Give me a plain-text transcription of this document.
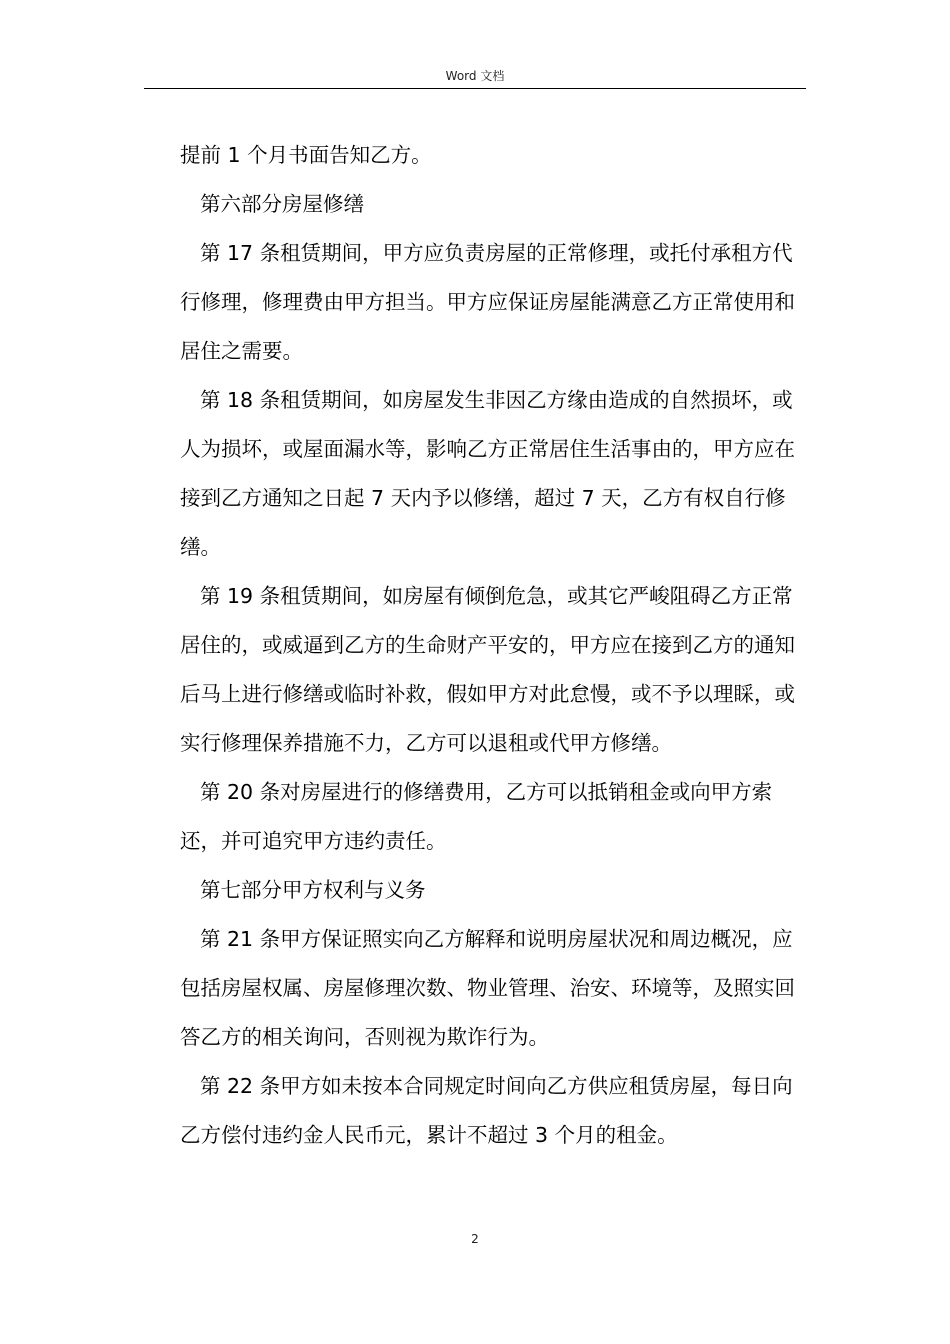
Word 文档

提前 1 个月书面告知乙方。

第六部分房屋修缮

第 17 条租赁期间，甲方应负责房屋的正常修理，或托付承租方代行修理，修理费由甲方担当。甲方应保证房屋能满意乙方正常使用和居住之需要。

第 18 条租赁期间，如房屋发生非因乙方缘由造成的自然损坏，或人为损坏，或屋面漏水等，影响乙方正常居住生活事由的，甲方应在接到乙方通知之日起 7 天内予以修缮，超过 7 天，乙方有权自行修缮。

第 19 条租赁期间，如房屋有倾倒危急，或其它严峻阻碍乙方正常居住的，或威逼到乙方的生命财产平安的，甲方应在接到乙方的通知后马上进行修缮或临时补救，假如甲方对此怠慢，或不予以理睬，或实行修理保养措施不力，乙方可以退租或代甲方修缮。

第 20 条对房屋进行的修缮费用，乙方可以抵销租金或向甲方索还，并可追究甲方违约责任。

第七部分甲方权利与义务

第 21 条甲方保证照实向乙方解释和说明房屋状况和周边概况，应包括房屋权属、房屋修理次数、物业管理、治安、环境等，及照实回答乙方的相关询问，否则视为欺诈行为。

第 22 条甲方如未按本合同规定时间向乙方供应租赁房屋，每日向乙方偿付违约金人民币元，累计不超过 3 个月的租金。

2
